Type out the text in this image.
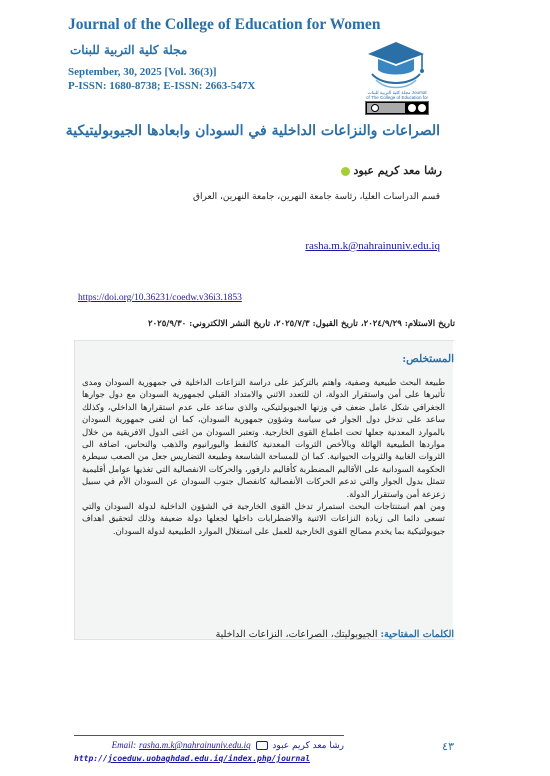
Journal of the College of Education for Women
مجلة كلية التربية للبنات
September, 30, 2025 [Vol. 36(3)]
P-ISSN: 1680-8738; E-ISSN: 2663-547X
مجلة كلية التربية للبنات Journal of The College of Education for
الصراعات والنزاعات الداخلية في السودان وابعادها الجيوبوليتيكية
رشا معد كريم عبود
قسم الدراسات العليا، رئاسة جامعة النهرين، جامعة النهرين، العراق
rasha.m.k@nahrainuniv.edu.iq
https://doi.org/10.36231/coedw.v36i3.1853
تاريخ الاستلام: ٢٠٢٤/٩/٢٩، تاريخ القبول: ٢٠٢٥/٧/٣، تاريخ النشر الالكتروني: ٢٠٢٥/٩/٣٠
المستخلص:

طبيعة البحث طبيعية وصفية، واهتم بالتركيز على دراسة النزاعات الداخلية في جمهورية السودان ومدى تأثيرها على أمن واستقرار الدولة، ان للتعدد الاثني والامتداد القبلي لجمهورية السودان مع دول جوارها الجغرافي شكل عامل ضعف في وزنها الجيوبولتيكي، والذي ساعد على عدم استقرارها الداخلي، وكذلك ساعد على تدخل دول الجوار في سياسة وشؤون جمهورية السودان، كما ان لغنى جمهورية السودان بالموارد المعدنية جعلها تحت اطماع القوى الخارجية. وتعتبر السودان من اغنى الدول الافريقية من خلال مواردها الطبيعية الهائلة وبالأخص الثروات المعدنية كالنفط واليورانيوم والذهب والنحاس، اضافة الى الثروات الغابية والثروات الحيوانية. كما ان للمساحة الشاسعة وطبيعة التضاريس جعل من الصعب سيطرة الحكومة السودانية على الأقاليم المضطربة كأقاليم دارفور، والحركات الانفصالية التي تغذيها عوامل أقليمية تتمثل بدول الجوار والتي تدعم الحركات الأنفصالية كانفصال جنوب السودان عن السودان الأم في سبيل زعزعة أمن واستقرار الدولة.

ومن اهم استنتاجات البحث استمرار تدخل القوى الخارجية في الشؤون الداخلية لدولة السودان والتي تسعى دائما الى زيادة النزاعات الاثنية والاضطرابات داخلها لجعلها دولة ضعيفة وذلك لتحقيق اهداف جيوبولتيكية بما يخدم مصالح القوى الخارجية للعمل على استغلال الموارد الطبيعية لدولة السودان.

الكلمات المفتاحية: الجيوبوليتك، الصراعات، النزاعات الداخلية
رشا معد كريم عبود  Email: rasha.m.k@nahrainuniv.edu.iq
http://jcoeduw.uobaghdad.edu.iq/index.php/journal
٤٣
